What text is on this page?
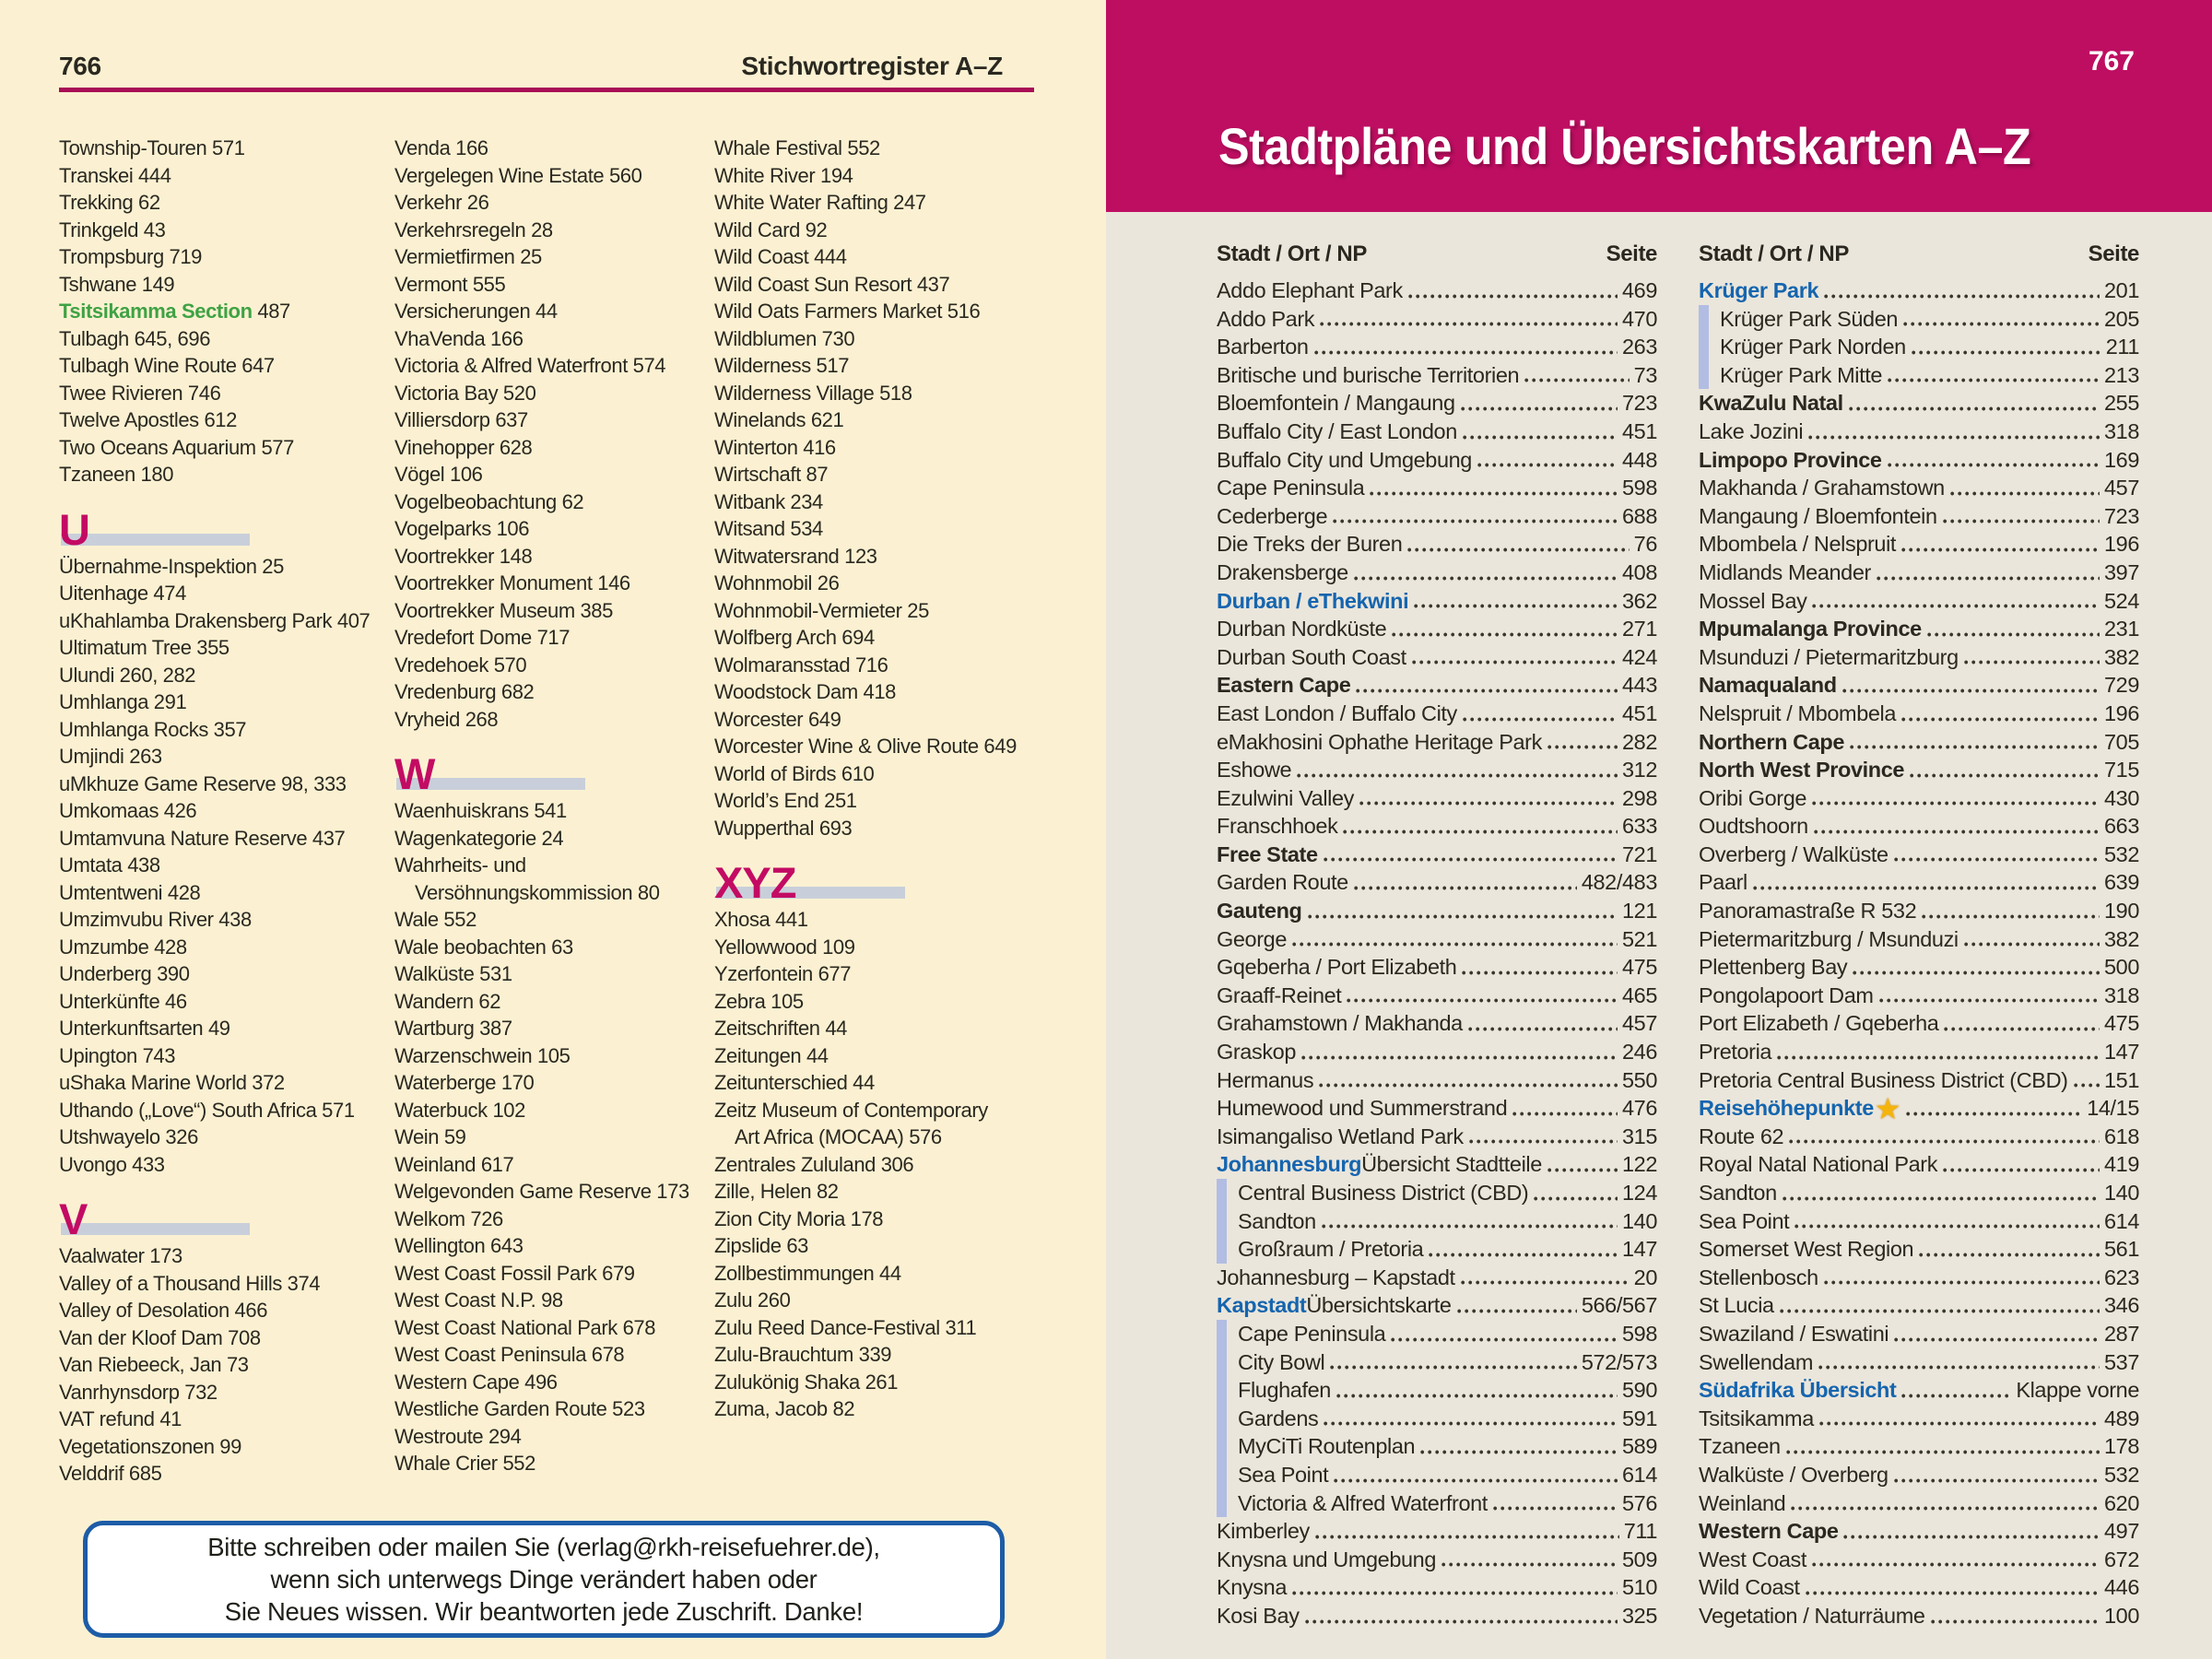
766	Stichwortregister A–Z
Township-Touren 571
Transkei 444
Trekking 62
Trinkgeld 43
Trompsburg 719
Tshwane 149
Tsitsikamma Section 487
Tulbagh 645, 696
Tulbagh Wine Route 647
Twee Rivieren 746
Twelve Apostles 612
Two Oceans Aquarium 577
Tzaneen 180
U
Übernahme-Inspektion 25
Uitenhage 474
uKhahlamba Drakensberg Park 407
Ultimatum Tree 355
Ulundi 260, 282
Umhlanga 291
Umhlanga Rocks 357
Umjindi 263
uMkhuze Game Reserve 98, 333
Umkomaas 426
Umtamvuna Nature Reserve 437
Umtata 438
Umtentweni 428
Umzimvubu River 438
Umzumbe 428
Underberg 390
Unterkünfte 46
Unterkunftsarten 49
Upington 743
uShaka Marine World 372
Uthando („Love“) South Africa 571
Utshwayelo 326
Uvongo 433
V
Vaalwater 173
Valley of a Thousand Hills 374
Valley of Desolation 466
Van der Kloof Dam 708
Van Riebeeck, Jan 73
Vanrhynsdorp 732
VAT refund 41
Vegetationszonen 99
Velddrif 685
Venda 166
Vergelegen Wine Estate 560
Verkehr 26
Verkehrsregeln 28
Vermietfirmen 25
Vermont 555
Versicherungen 44
VhaVenda 166
Victoria & Alfred Waterfront 574
Victoria Bay 520
Villiersdorp 637
Vinehopper 628
Vögel 106
Vogelbeobachtung 62
Vogelparks 106
Voortrekker 148
Voortrekker Monument 146
Voortrekker Museum 385
Vredefort Dome 717
Vredehoek 570
Vredenburg 682
Vryheid 268
W
Waenhuiskrans 541
Wagenkategorie 24
Wahrheits- und
Versöhnungskommission 80
Wale 552
Wale beobachten 63
Walküste 531
Wandern 62
Wartburg 387
Warzenschwein 105
Waterberge 170
Waterbuck 102
Wein 59
Weinland 617
Welgevonden Game Reserve 173
Welkom 726
Wellington 643
West Coast Fossil Park 679
West Coast N.P. 98
West Coast National Park 678
West Coast Peninsula 678
Western Cape 496
Westliche Garden Route 523
Westroute 294
Whale Crier 552
Whale Festival 552
White River 194
White Water Rafting 247
Wild Card 92
Wild Coast 444
Wild Coast Sun Resort 437
Wild Oats Farmers Market 516
Wildblumen 730
Wilderness 517
Wilderness Village 518
Winelands 621
Winterton 416
Wirtschaft 87
Witbank 234
Witsand 534
Witwatersrand 123
Wohnmobil 26
Wohnmobil-Vermieter 25
Wolfberg Arch 694
Wolmaransstad 716
Woodstock Dam 418
Worcester 649
Worcester Wine & Olive Route 649
World of Birds 610
World’s End 251
Wupperthal 693
XYZ
Xhosa 441
Yellowwood 109
Yzerfontein 677
Zebra 105
Zeitschriften 44
Zeitungen 44
Zeitunterschied 44
Zeitz Museum of Contemporary
Art Africa (MOCAA) 576
Zentrales Zululand 306
Zille, Helen 82
Zion City Moria 178
Zipslide 63
Zollbestimmungen 44
Zulu 260
Zulu Reed Dance-Festival 311
Zulu-Brauchtum 339
Zulukönig Shaka 261
Zuma, Jacob 82
Bitte schreiben oder mailen Sie (verlag@rkh-reisefuehrer.de),
wenn sich unterwegs Dinge verändert haben oder
Sie Neues wissen. Wir beantworten jede Zuschrift. Danke!
767
Stadtpläne und Übersichtskarten A–Z
Stadt / Ort / NP	Seite
Addo Elephant Park	469
Addo Park	470
Barberton	263
Britische und burische Territorien	73
Bloemfontein / Mangaung	723
Buffalo City / East London	451
Buffalo City und Umgebung	448
Cape Peninsula	598
Cederberge	688
Die Treks der Buren	76
Drakensberge	408
Durban / eThekwini	362
Durban Nordküste	271
Durban South Coast	424
Eastern Cape	443
East London / Buffalo City	451
eMakhosini Ophathe Heritage Park	282
Eshowe	312
Ezulwini Valley	298
Franschhoek	633
Free State	721
Garden Route	482/483
Gauteng	121
George	521
Gqeberha / Port Elizabeth	475
Graaff-Reinet	465
Grahamstown / Makhanda	457
Graskop	246
Hermanus	550
Humewood und Summerstrand	476
Isimangaliso Wetland Park	315
Johannesburg Übersicht Stadtteile	122
Central Business District (CBD)	124
Sandton	140
Großraum / Pretoria	147
Johannesburg – Kapstadt	20
Kapstadt Übersichtskarte	566/567
Cape Peninsula	598
City Bowl	572/573
Flughafen	590
Gardens	591
MyCiTi Routenplan	589
Sea Point	614
Victoria & Alfred Waterfront	576
Kimberley	711
Knysna und Umgebung	509
Knysna	510
Kosi Bay	325
Stadt / Ort / NP	Seite
Krüger Park	201
Krüger Park Süden	205
Krüger Park Norden	211
Krüger Park Mitte	213
KwaZulu Natal	255
Lake Jozini	318
Limpopo Province	169
Makhanda / Grahamstown	457
Mangaung / Bloemfontein	723
Mbombela / Nelspruit	196
Midlands Meander	397
Mossel Bay	524
Mpumalanga Province	231
Msunduzi / Pietermaritzburg	382
Namaqualand	729
Nelspruit / Mbombela	196
Northern Cape	705
North West Province	715
Oribi Gorge	430
Oudtshoorn	663
Overberg / Walküste	532
Paarl	639
Panoramastraße R 532	190
Pietermaritzburg / Msunduzi	382
Plettenberg Bay	500
Pongolapoort Dam	318
Port Elizabeth / Gqeberha	475
Pretoria	147
Pretoria Central Business District (CBD) 151
Reisehöhepunkte ★	14/15
Route 62	618
Royal Natal National Park	419
Sandton	140
Sea Point	614
Somerset West Region	561
Stellenbosch	623
St Lucia	346
Swaziland / Eswatini	287
Swellendam	537
Südafrika Übersicht	Klappe vorne
Tsitsikamma	489
Tzaneen	178
Walküste / Overberg	532
Weinland	620
Western Cape	497
West Coast	672
Wild Coast	446
Vegetation / Naturräume	100
